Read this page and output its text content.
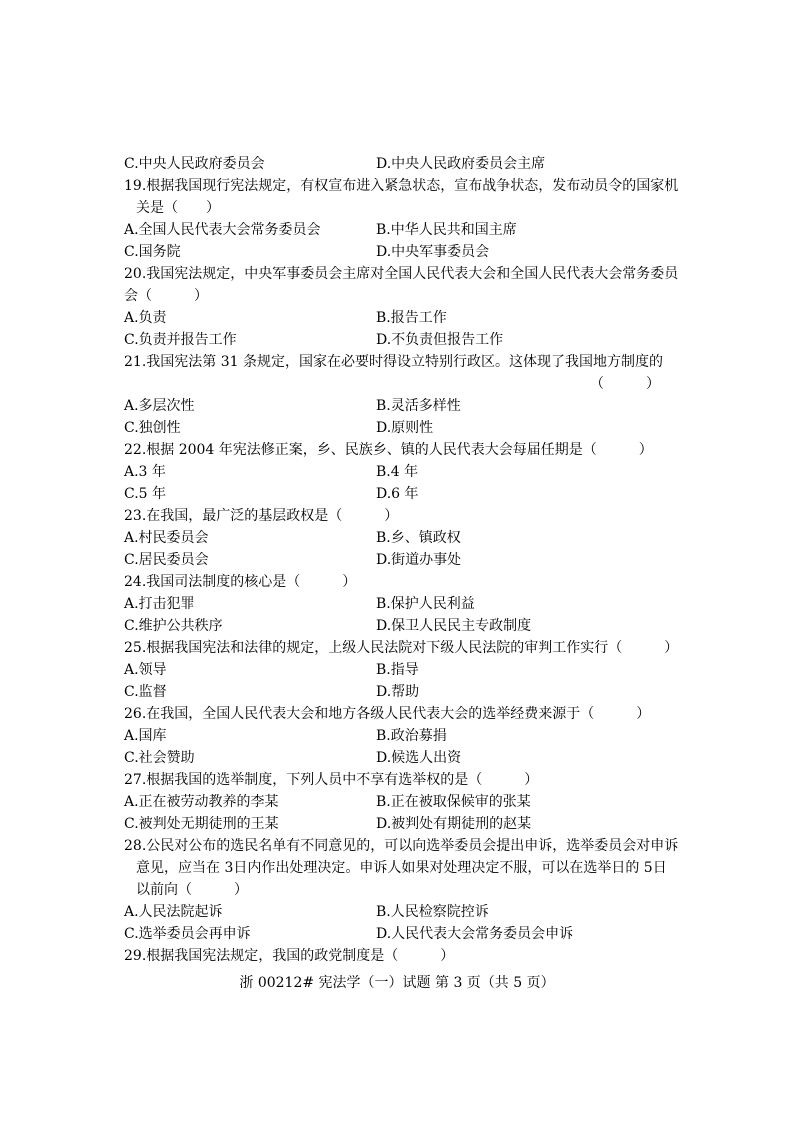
C.中央人民政府委员会	D.中央人民政府委员会主席
19.根据我国现行宪法规定，有权宣布进入紧急状态，宣布战争状态，发布动员令的国家机
关是（　　）
A.全国人民代表大会常务委员会	B.中华人民共和国主席
C.国务院	D.中央军事委员会
20.我国宪法规定，中央军事委员会主席对全国人民代表大会和全国人民代表大会常务委员
会（　　　）
A.负责	B.报告工作
C.负责并报告工作	D.不负责但报告工作
21.我国宪法第 31 条规定，国家在必要时得设立特别行政区。这体现了我国地方制度的
（　　　）
A.多层次性	B.灵活多样性
C.独创性	D.原则性
22.根据 2004 年宪法修正案，乡、民族乡、镇的人民代表大会每届任期是（　　　）
A.3 年	B.4 年
C.5 年	D.6 年
23.在我国，最广泛的基层政权是（　　　）
A.村民委员会	B.乡、镇政权
C.居民委员会	D.街道办事处
24.我国司法制度的核心是（　　　）
A.打击犯罪	B.保护人民利益
C.维护公共秩序	D.保卫人民民主专政制度
25.根据我国宪法和法律的规定，上级人民法院对下级人民法院的审判工作实行（　　　）
A.领导	B.指导
C.监督	D.帮助
26.在我国，全国人民代表大会和地方各级人民代表大会的选举经费来源于（　　　）
A.国库	B.政治募捐
C.社会赞助	D.候选人出资
27.根据我国的选举制度，下列人员中不享有选举权的是（　　　）
A.正在被劳动教养的李某	B.正在被取保候审的张某
C.被判处无期徒刑的王某	D.被判处有期徒刑的赵某
28.公民对公布的选民名单有不同意见的，可以向选举委员会提出申诉，选举委员会对申诉
意见，应当在 3日内作出处理决定。申诉人如果对处理决定不服，可以在选举日的 5日
以前向（　　　）
A.人民法院起诉	B.人民检察院控诉
C.选举委员会再申诉	D.人民代表大会常务委员会申诉
29.根据我国宪法规定，我国的政党制度是（　　　）
浙 00212# 宪法学（一）试题 第 3 页（共 5 页）
